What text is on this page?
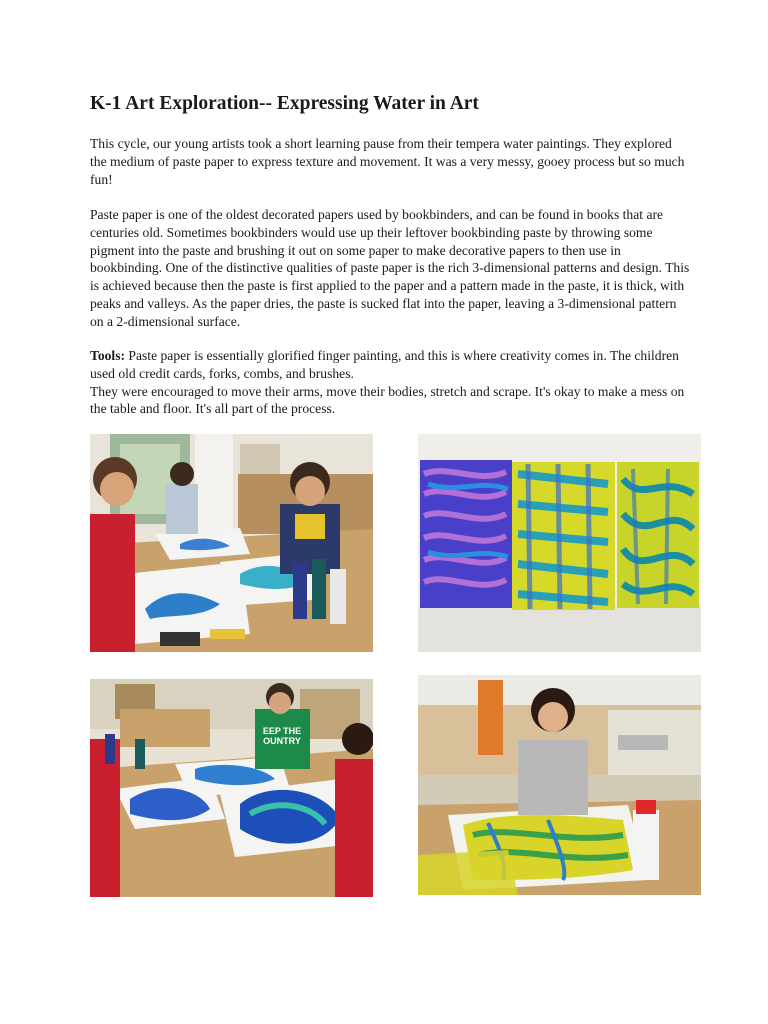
K-1 Art Exploration-- Expressing Water in Art

This cycle, our young artists took a short learning pause from their tempera water paintings. They explored the medium of paste paper to express texture and movement. It was a very messy, gooey process but so much fun!

Paste paper is one of the oldest decorated papers used by bookbinders, and can be found in books that are centuries old. Sometimes bookbinders would use up their leftover bookbinding paste by throwing some pigment into the paste and brushing it out on some paper to make decorative papers to then use in bookbinding. One of the distinctive qualities of paste paper is the rich 3-dimensional patterns and design. This is achieved because then the paste is first applied to the paper and a pattern made in the paste, it is thick, with peaks and valleys. As the paper dries, the paste is sucked flat into the paper, leaving a 3-dimensional pattern on a 2-dimensional surface.

Tools: Paste paper is essentially glorified finger painting, and this is where creativity comes in. The children used old credit cards, forks, combs, and brushes.
They were encouraged to move their arms, move their bodies, stretch and scrape. It's okay to make a mess on the table and floor. It's all part of the process.

EEP THE OUNTRY
